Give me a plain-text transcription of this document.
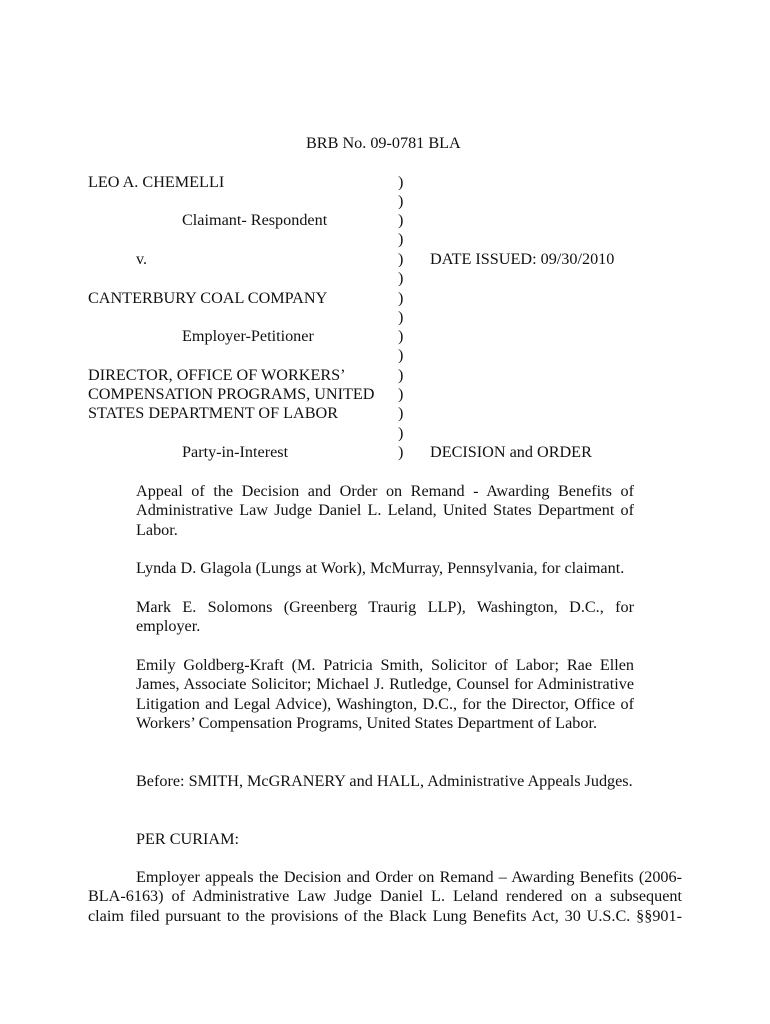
BRB No. 09-0781 BLA
LEO A. CHEMELLI
Claimant- Respondent
v.
CANTERBURY COAL COMPANY
Employer-Petitioner
DIRECTOR, OFFICE OF WORKERS’
COMPENSATION PROGRAMS, UNITED
STATES DEPARTMENT OF LABOR
Party-in-Interest
)
)
)
)
)
)
)
)
)
)
)
)
)
)
)
DATE ISSUED: 09/30/2010
DECISION and ORDER
Appeal of the Decision and Order on Remand - Awarding Benefits of Administrative Law Judge Daniel L. Leland, United States Department of Labor.
Lynda D. Glagola (Lungs at Work), McMurray, Pennsylvania, for claimant.
Mark E. Solomons (Greenberg Traurig LLP), Washington, D.C., for employer.
Emily Goldberg-Kraft (M. Patricia Smith, Solicitor of Labor; Rae Ellen James, Associate Solicitor; Michael J. Rutledge, Counsel for Administrative Litigation and Legal Advice), Washington, D.C., for the Director, Office of Workers’ Compensation Programs, United States Department of Labor.
Before: SMITH, McGRANERY and HALL, Administrative Appeals Judges.
PER CURIAM:
Employer appeals the Decision and Order on Remand – Awarding Benefits (2006-
BLA-6163) of Administrative Law Judge Daniel L. Leland rendered on a subsequent
claim filed pursuant to the provisions of the Black Lung Benefits Act, 30 U.S.C. §§901-
